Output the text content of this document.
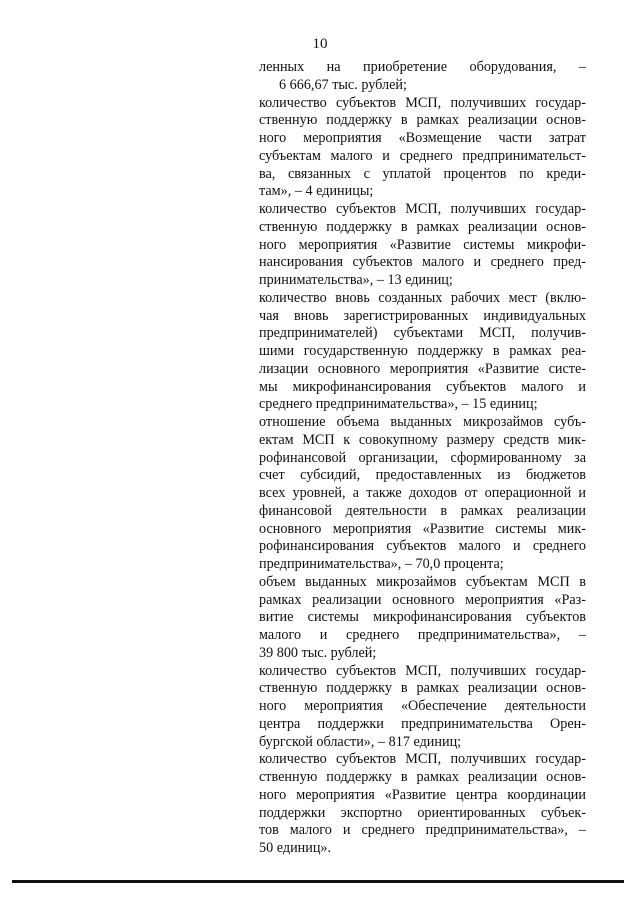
10
ленных на приобретение оборудования, –
6 666,67 тыс. рублей;
количество субъектов МСП, получивших государ-
ственную поддержку в рамках реализации основ-
ного мероприятия «Возмещение части затрат
субъектам малого и среднего предпринимательст-
ва, связанных с уплатой процентов по креди-
там», – 4 единицы;
количество субъектов МСП, получивших государ-
ственную поддержку в рамках реализации основ-
ного мероприятия «Развитие системы микрофи-
нансирования субъектов малого и среднего пред-
принимательства», – 13 единиц;
количество вновь созданных рабочих мест (вклю-
чая вновь зарегистрированных индивидуальных
предпринимателей) субъектами МСП, получив-
шими государственную поддержку в рамках реа-
лизации основного мероприятия «Развитие систе-
мы микрофинансирования субъектов малого и
среднего предпринимательства», – 15 единиц;
отношение объема выданных микрозаймов субъ-
ектам МСП к совокупному размеру средств мик-
рофинансовой организации, сформированному за
счет субсидий, предоставленных из бюджетов
всех уровней, а также доходов от операционной и
финансовой деятельности в рамках реализации
основного мероприятия «Развитие системы мик-
рофинансирования субъектов малого и среднего
предпринимательства», – 70,0 процента;
объем выданных микрозаймов субъектам МСП в
рамках реализации основного мероприятия «Раз-
витие системы микрофинансирования субъектов
малого и среднего предпринимательства», –
39 800 тыс. рублей;
количество субъектов МСП, получивших государ-
ственную поддержку в рамках реализации основ-
ного мероприятия «Обеспечение деятельности
центра поддержки предпринимательства Орен-
бургской области», – 817 единиц;
количество субъектов МСП, получивших государ-
ственную поддержку в рамках реализации основ-
ного мероприятия «Развитие центра координации
поддержки экспортно ориентированных субъек-
тов малого и среднего предпринимательства», –
50 единиц».
